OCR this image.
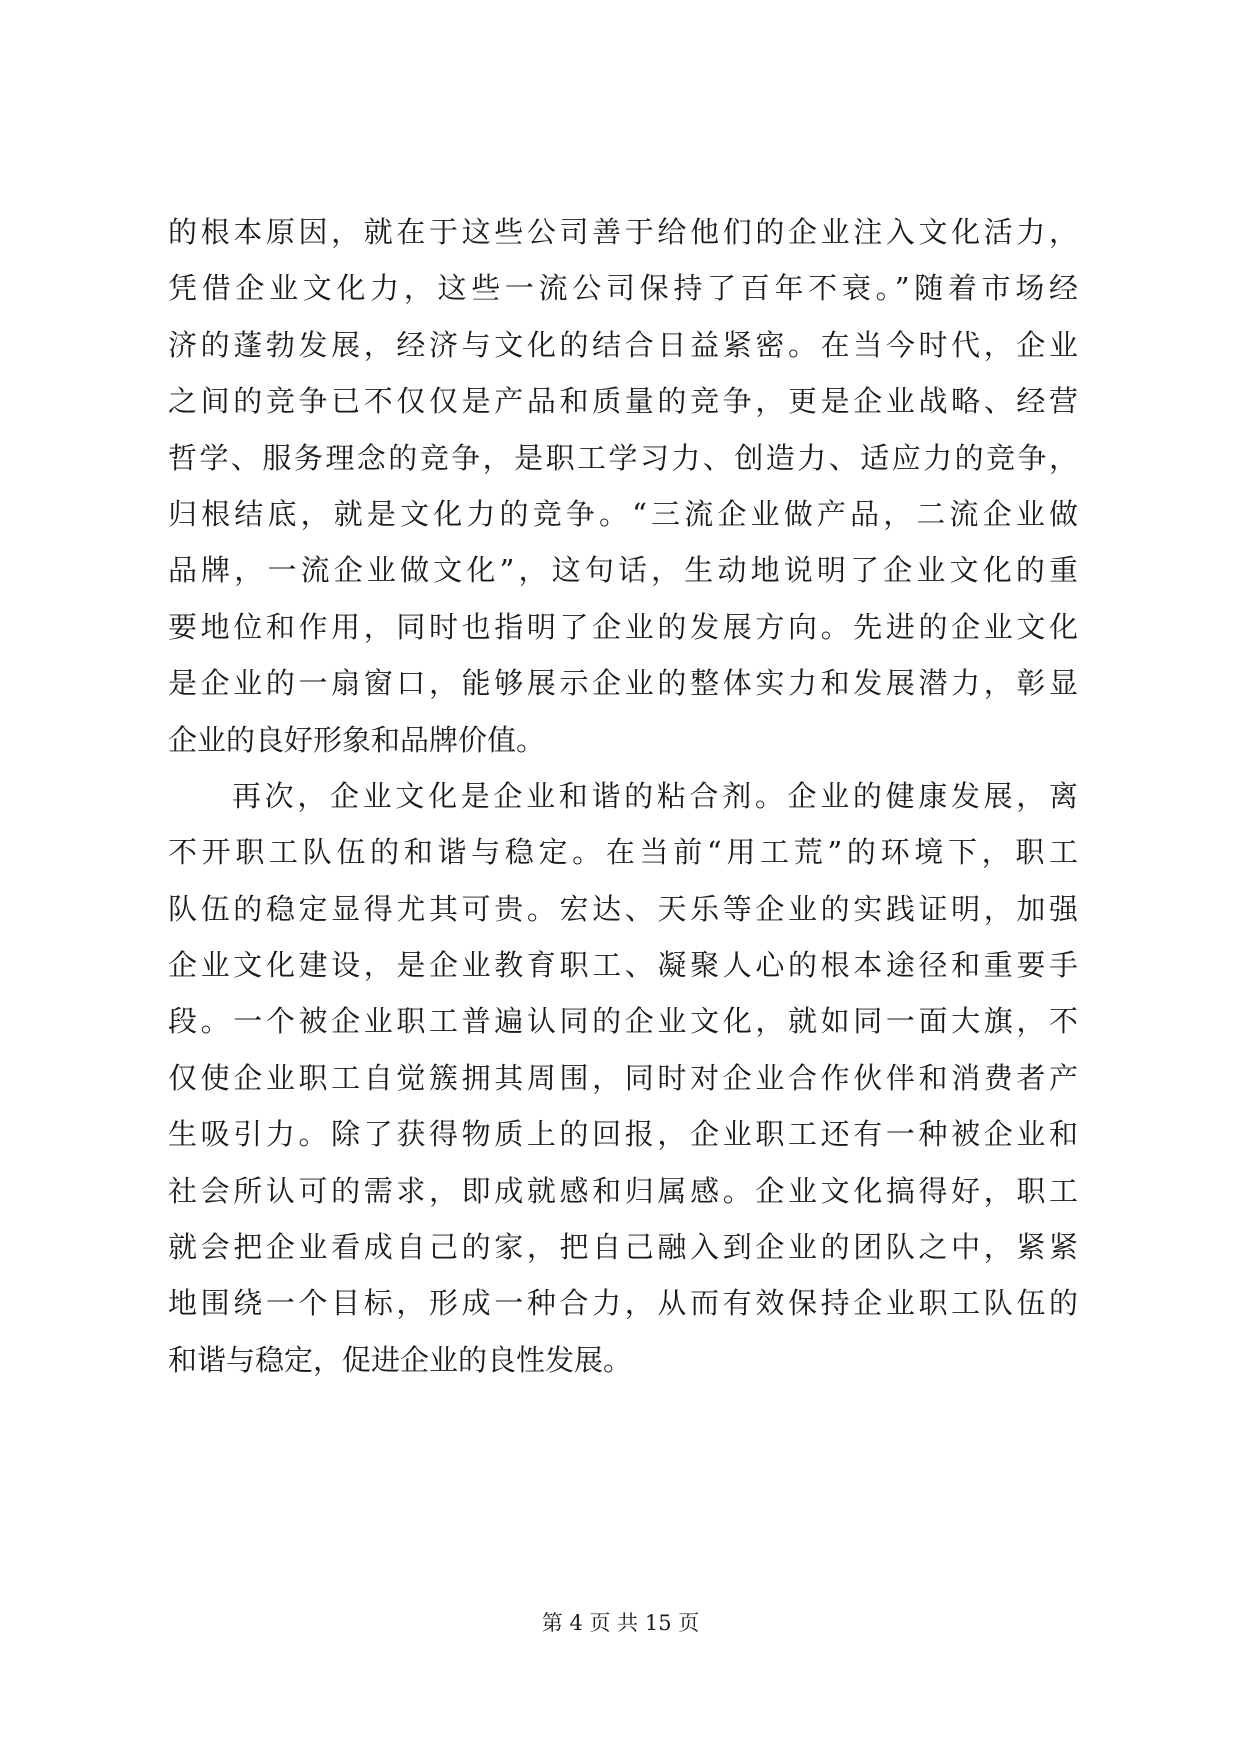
的根本原因，就在于这些公司善于给他们的企业注入文化活力，
凭借企业文化力，这些一流公司保持了百年不衰。”随着市场经
济的蓬勃发展，经济与文化的结合日益紧密。在当今时代，企业
之间的竞争已不仅仅是产品和质量的竞争，更是企业战略、经营
哲学、服务理念的竞争，是职工学习力、创造力、适应力的竞争，
归根结底，就是文化力的竞争。“三流企业做产品，二流企业做
品牌，一流企业做文化”，这句话，生动地说明了企业文化的重
要地位和作用，同时也指明了企业的发展方向。先进的企业文化
是企业的一扇窗口，能够展示企业的整体实力和发展潜力，彰显
企业的良好形象和品牌价值。
再次，企业文化是企业和谐的粘合剂。企业的健康发展，离
不开职工队伍的和谐与稳定。在当前“用工荒”的环境下，职工
队伍的稳定显得尤其可贵。宏达、天乐等企业的实践证明，加强
企业文化建设，是企业教育职工、凝聚人心的根本途径和重要手
段。一个被企业职工普遍认同的企业文化，就如同一面大旗，不
仅使企业职工自觉簇拥其周围，同时对企业合作伙伴和消费者产
生吸引力。除了获得物质上的回报，企业职工还有一种被企业和
社会所认可的需求，即成就感和归属感。企业文化搞得好，职工
就会把企业看成自己的家，把自己融入到企业的团队之中，紧紧
地围绕一个目标，形成一种合力，从而有效保持企业职工队伍的
和谐与稳定，促进企业的良性发展。
第 4 页 共 15 页
